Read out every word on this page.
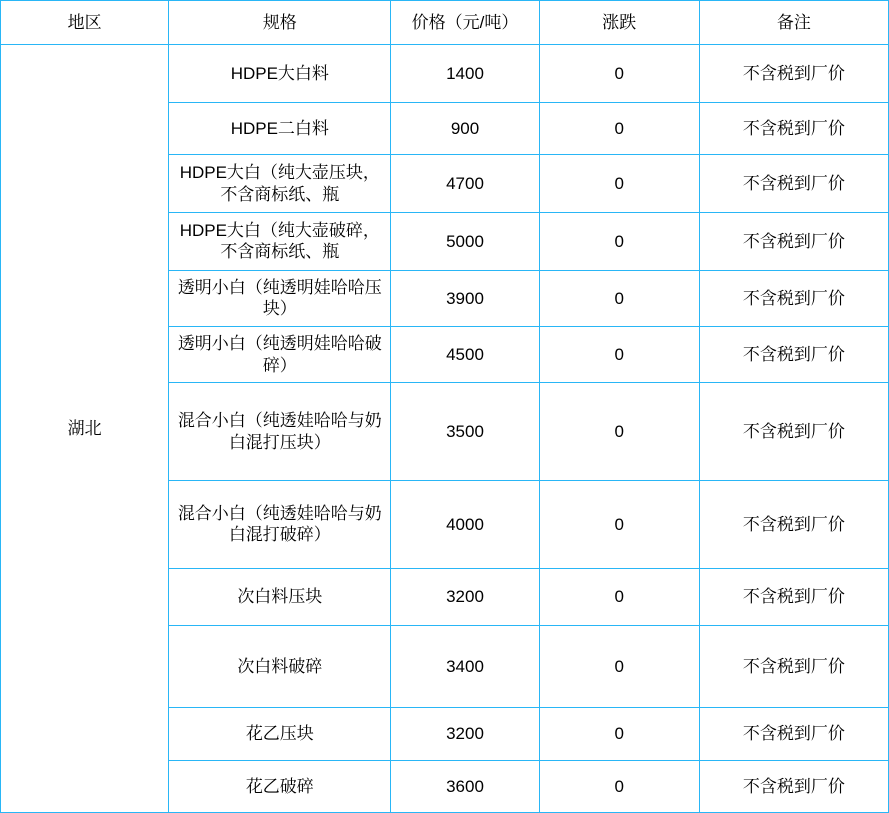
地区	规格	价格（元/吨）	涨跌	备注
湖北	HDPE大白料	1400	0	不含税到厂价
	HDPE二白料	900	0	不含税到厂价
	HDPE大白（纯大壶压块，不含商标纸、瓶	4700	0	不含税到厂价
	HDPE大白（纯大壶破碎，不含商标纸、瓶	5000	0	不含税到厂价
	透明小白（纯透明娃哈哈压块）	3900	0	不含税到厂价
	透明小白（纯透明娃哈哈破碎）	4500	0	不含税到厂价
	混合小白（纯透娃哈哈与奶白混打压块）	3500	0	不含税到厂价
	混合小白（纯透娃哈哈与奶白混打破碎）	4000	0	不含税到厂价
	次白料压块	3200	0	不含税到厂价
	次白料破碎	3400	0	不含税到厂价
	花乙压块	3200	0	不含税到厂价
	花乙破碎	3600	0	不含税到厂价
